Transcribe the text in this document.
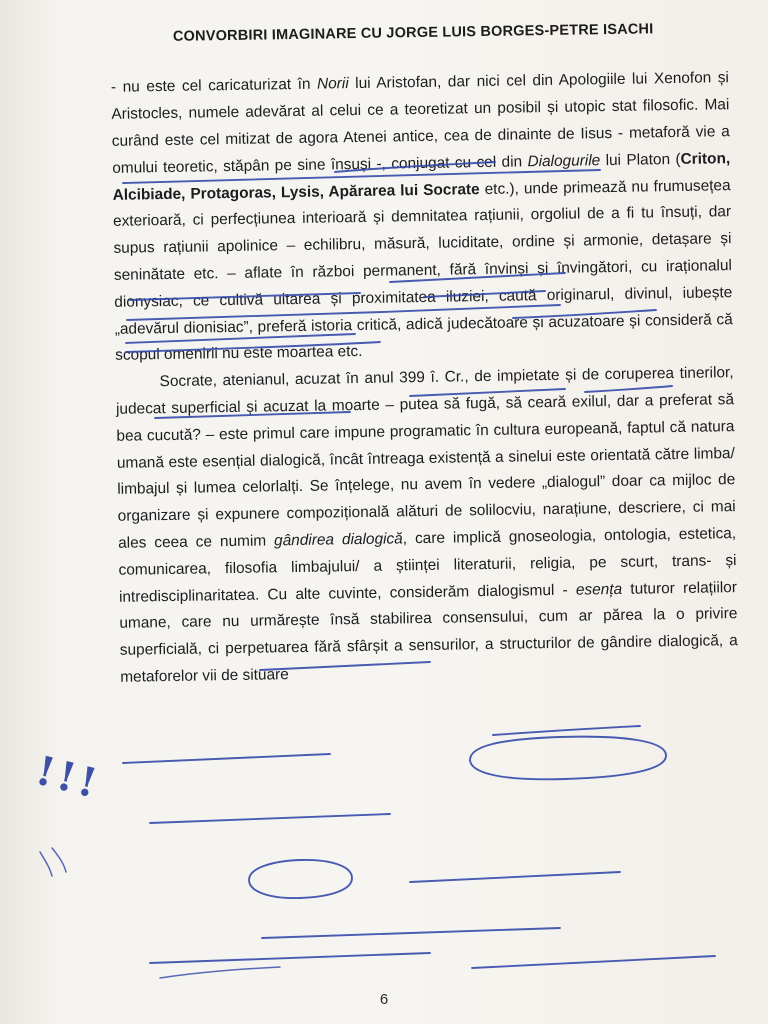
CONVORBIRI IMAGINARE CU JORGE LUIS BORGES-PETRE ISACHI

- nu este cel caricaturizat în Norii lui Aristofan, dar nici cel din Apologiile lui Xenofon și Aristocles, numele adevărat al celui ce a teoretizat un posibil și utopic stat filosofic. Mai curând este cel mitizat de agora Atenei antice, cea de dinainte de Iisus - metaforă vie a omului teoretic, stăpân pe sine însuși -, conjugat cu cel din Dialogurile lui Platon (Criton, Alcibiade, Protagoras, Lysis, Apărarea lui Socrate etc.), unde primează nu frumusețea exterioară, ci perfecțiunea interioară și demnitatea rațiunii, orgoliul de a fi tu însuți, dar supus rațiunii apolinice – echilibru, măsură, luciditate, ordine și armonie, detașare și seninătate etc. – aflate în război permanent, fără învinși și învingători, cu iraționalul dionysiac, ce cultivă uitarea și proximitatea iluziei, caută originarul, divinul, iubește „adevărul dionisiac”, preferă istoria critică, adică judecătoare și acuzatoare și consideră că scopul omenirii nu este moartea etc.

Socrate, atenianul, acuzat în anul 399 î. Cr., de impietate și de coruperea tinerilor, judecat superficial și acuzat la moarte – putea să fugă, să ceară exilul, dar a preferat să bea cucută? – este primul care impune programatic în cultura europeană, faptul că natura umană este esențial dialogică, încât întreaga existență a sinelui este orientată către limba/ limbajul și lumea celorlalți. Se înțelege, nu avem în vedere „dialogul” doar ca mijloc de organizare și expunere compozițională alături de solilocviu, narațiune, descriere, ci mai ales ceea ce numim gândirea dialogică, care implică gnoseologia, ontologia, estetica, comunicarea, filosofia limbajului/ a științei literaturii, religia, pe scurt, trans- și intredisciplinaritatea. Cu alte cuvinte, considerăm dialogismul - esența tuturor relațiilor umane, care nu urmărește însă stabilirea consensului, cum ar părea la o privire superficială, ci perpetuarea fără sfârșit a sensurilor, a structurilor de gândire dialogică, a metaforelor vii de situare

6
!!!
